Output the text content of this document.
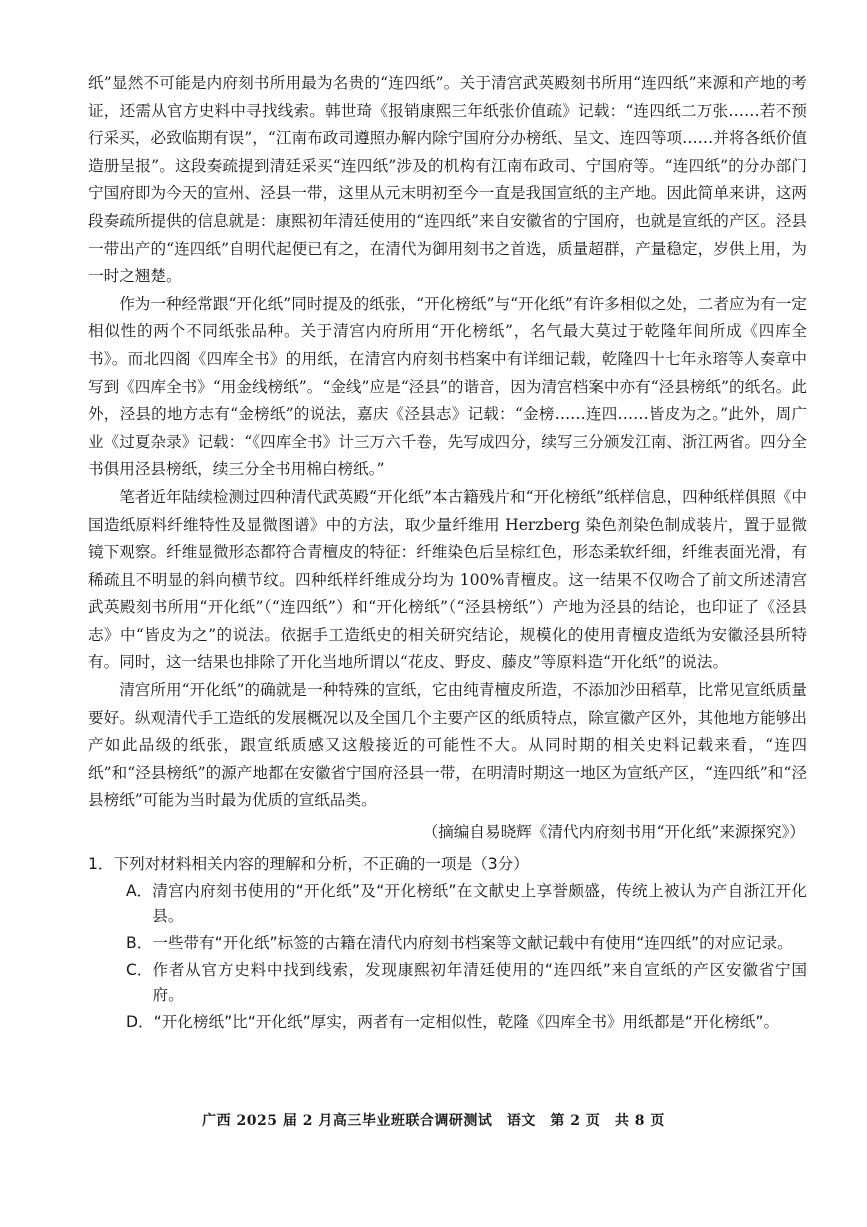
纸”显然不可能是内府刻书所用最为名贵的“连四纸”。关于清宫武英殿刻书所用“连四纸”来源和产地的考证，还需从官方史料中寻找线索。韩世琦《报销康熙三年纸张价值疏》记载：“连四纸二万张……若不预行采买，必致临期有误”，“江南布政司遵照办解内除宁国府分办榜纸、呈文、连四等项……并将各纸价值造册呈报”。这段奏疏提到清廷采买“连四纸”涉及的机构有江南布政司、宁国府等。“连四纸”的分办部门宁国府即为今天的宣州、泾县一带，这里从元末明初至今一直是我国宣纸的主产地。因此简单来讲，这两段奏疏所提供的信息就是：康熙初年清廷使用的“连四纸”来自安徽省的宁国府，也就是宣纸的产区。泾县一带出产的“连四纸”自明代起便已有之，在清代为御用刻书之首选，质量超群，产量稳定，岁供上用，为一时之翘楚。

作为一种经常跟“开化纸”同时提及的纸张，“开化榜纸”与“开化纸”有许多相似之处，二者应为有一定相似性的两个不同纸张品种。关于清宫内府所用“开化榜纸”，名气最大莫过于乾隆年间所成《四库全书》。而北四阁《四库全书》的用纸，在清宫内府刻书档案中有详细记载，乾隆四十七年永瑢等人奏章中写到《四库全书》“用金线榜纸”。“金线”应是“泾县”的谐音，因为清宫档案中亦有“泾县榜纸”的纸名。此外，泾县的地方志有“金榜纸”的说法，嘉庆《泾县志》记载：“金榜……连四……皆皮为之。”此外，周广业《过夏杂录》记载：“《四库全书》计三万六千卷，先写成四分，续写三分颁发江南、浙江两省。四分全书俱用泾县榜纸，续三分全书用棉白榜纸。”

笔者近年陆续检测过四种清代武英殿“开化纸”本古籍残片和“开化榜纸”纸样信息，四种纸样俱照《中国造纸原料纤维特性及显微图谱》中的方法，取少量纤维用 Herzberg 染色剂染色制成装片，置于显微镜下观察。纤维显微形态都符合青檀皮的特征：纤维染色后呈棕红色，形态柔软纤细，纤维表面光滑，有稀疏且不明显的斜向横节纹。四种纸样纤维成分均为 100%青檀皮。这一结果不仅吻合了前文所述清宫武英殿刻书所用“开化纸”（“连四纸”）和“开化榜纸”（“泾县榜纸”）产地为泾县的结论，也印证了《泾县志》中“皆皮为之”的说法。依据手工造纸史的相关研究结论，规模化的使用青檀皮造纸为安徽泾县所特有。同时，这一结果也排除了开化当地所谓以“花皮、野皮、藤皮”等原料造“开化纸”的说法。

清宫所用“开化纸”的确就是一种特殊的宣纸，它由纯青檀皮所造，不添加沙田稻草，比常见宣纸质量要好。纵观清代手工造纸的发展概况以及全国几个主要产区的纸质特点，除宣徽产区外，其他地方能够出产如此品级的纸张，跟宣纸质感又这般接近的可能性不大。从同时期的相关史料记载来看，“连四纸”和“泾县榜纸”的源产地都在安徽省宁国府泾县一带，在明清时期这一地区为宣纸产区，“连四纸”和“泾县榜纸”可能为当时最为优质的宣纸品类。

（摘编自易晓辉《清代内府刻书用“开化纸”来源探究》）
1．下列对材料相关内容的理解和分析，不正确的一项是（3分）
A． 清宫内府刻书使用的“开化纸”及“开化榜纸”在文献史上享誉颇盛，传统上被认为产自浙江开化县。
B． 一些带有“开化纸”标签的古籍在清代内府刻书档案等文献记载中有使用“连四纸”的对应记录。
C． 作者从官方史料中找到线索，发现康熙初年清廷使用的“连四纸”来自宣纸的产区安徽省宁国府。
D． “开化榜纸”比“开化纸”厚实，两者有一定相似性，乾隆《四库全书》用纸都是“开化榜纸”。
广西 2025 届 2 月高三毕业班联合调研测试　语文　第 2 页　共 8 页
